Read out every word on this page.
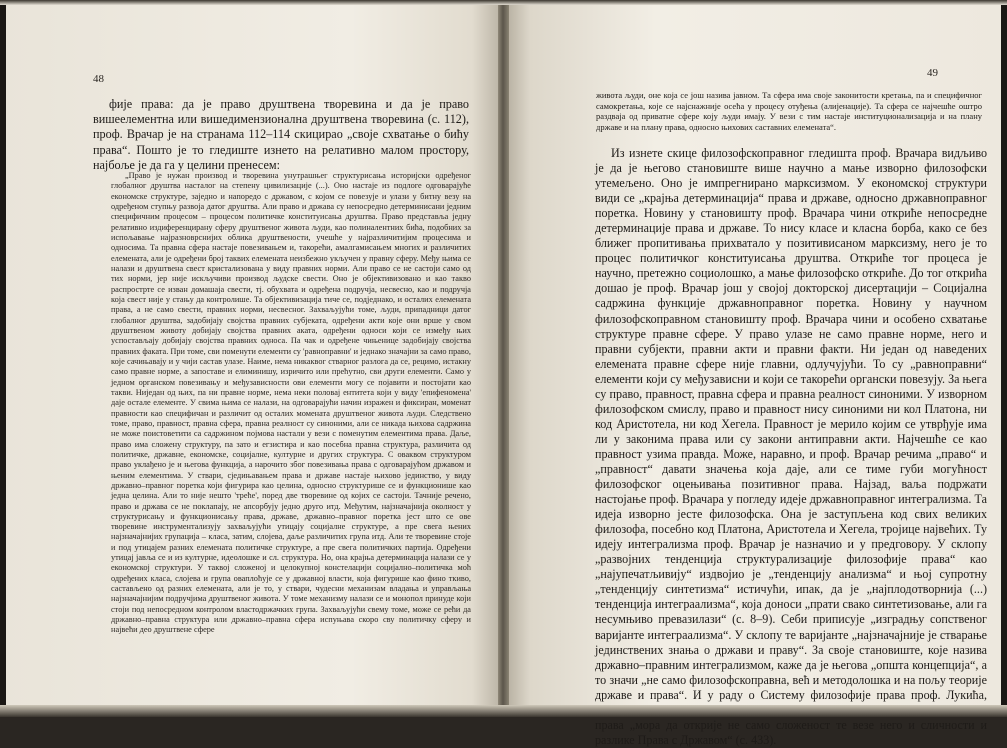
48

фије права: да је право друштвена творевина и да је право вишеелементна или вишедимензионална друштвена творевина (с. 112), проф. Врачар је на странама 112–114 скицирао „своје схватање о бићу права“. Пошто је то гледиште изнето на релативно малом простору, најбоље је да га у целини пренесем:

„Право је нужан производ и творевина унутрашњег структурисања историјски одређеног глобалног друштва насталог на степену цивилизације (...). Оно настаје из подлоге одговарајуће економске структуре, заједно и напоредо с државом, с којом се повезује и улази у битну везу на одређеном ступњу развоја датог друштва. Али право и држава су непосредно детерминисани једним специфичним процесом – процесом политичке конституисања друштва. Право представља једну релативно издиференцирану сферу друштвеног живота људи, као полиналентних бића, подобних за испољавање најразноврснијих облика друштвености, учешће у најразличитијим процесима и односима. Та правна сфера настаје повезивањем и, такорећи, амалгамисањем многих и различитих елемената, али је одређени број таквих елемената неизбежно укључен у правну сферу. Међу њима се налази и друштвена свест кристализована у виду правних норми. Али право се не састоји само од тих норми, јер није искључиви производ људске свести. Оно је објективизовано и као такво распрострте се изван домашаја свести, тј. обухвата и одређена подручја, несвесно, као и подручја која свест није у стању да контролише. Та објективизација тиче се, подједнако, и осталих елемената права, а не само свести, правних норми, несвесног. Захваљујући томе, људи, припадници датог глобалног друштва, задобијају својства правних субјеката, одређени акти које они врше у свом друштвеном животу добијају својства правних аката, одређени односи који се између њих успостављају добијају својства правних односа. Па чак и одређене чињенице задобијају својства правних факата. При томе, сви поменути елементи су 'равноправни' и једнако значајни за само право, које сачињавају и у чији састав улазе. Наиме, нема никаквог стварног разлога да се, рецимо, истакну само правне норме, а запоставе и елиминишу, изричито или прећутно, сви други елементи. Само у једном органском повезивању и међузависности ови елементи могу се појавити и постојати као такви. Ниједан од њих, па ни правне норме, нема неки половај ентитета који у виду 'епифеномена' даје остале елементе. У свима њима се налази, на одговарајући начин изражен и фиксиран, моменат правности као специфичан и различит од осталих момената друштвеног живота људи. Следствено томе, право, правност, правна сфера, правна реалност су синоними, али се никада њихова садржина не може поистоветити са садржином појмова настали у вези с поменутим елементима права. Даље, право има сложену структуру, па зато и егзистира и као посебна правна структура, различита од политичке, државне, економске, социјалне, културне и других структура. С оваквом структуром право уклађено је и његова функција, а нарочито због повезивања права с одговарајућом државом и њеним елементима. У ствари, сједињавањем права и државе настаје њихово јединство, у виду државно–правног поретка који фигурира као целина, односно структурише се и функционише као једна целина. Али то није нешто 'треће', поред две творевине од којих се састоји. Тачније речено, право и држава се не поклапају, не апсорбују једно друго итд. Међутим, најзначајнија околност у структурисању и функционисању права, државе, државно–правног поретка јест што се ове творевине инструментализују захваљујући утицају социјалне структуре, а пре свега њених најзначајнијих групација – класа, затим, слојева, даље различитих група итд. Али те творевине стоје и под утицајем разних елемената политичке структуре, а пре свега политичких партија. Одређени утицај јавља се и из културне, идеолошке и сл. структура. Но, она крајња детерминација налази се у економској структури. У таквој сложеној и целокупној констелацији социјално–политичка моћ одређених класа, слојева и група оваплоћује се у државној власти, која фигурише као фино ткиво, састављено од разних елемената, али је то, у ствари, чудесни механизам владања и управљања најзначајнијим подручјима друштвеног живота. У томе механизму налази се и монопол принуде који стоји под непосредном контролом властодржачких група. Захваљујући свему томе, може се рећи да државно–правна структура или државно–правна сфера испуњава скоро сву политичку сферу и највећи део друштвене сфере

49

живота људи, оне која се још назива јавном. Та сфера има своје законитости кретања, па и специфичног самокретања, које се најснажније осећа у процесу отуђења (алијенације). Та сфера се најчешће оштро раздваја од приватне сфере коју људи имају. У вези с тим настаје институционализација и на плану државе и на плану права, односно њихових саставних елемената“.

Из изнете скице филозофскоправног гледишта проф. Врачара видљиво је да је његово становиште више научно а мање изворно филозофски утемељено. Оно је импрегнирано марксизмом. У економској структури види се „крајња детерминација“ права и државе, односно државноправног поретка. Новину у становишту проф. Врачара чини откриће непосредне детерминације права и државе. То нису класе и класна борба, како се без ближег пропитивања прихватало у позитивисаном марксизму, него је то процес политичког конституисања друштва. Откриће тог процеса је научно, претежно социолошко, а мање филозофско откриће. До тог открића дошао је проф. Врачар још у својој докторској дисертацији – Социјална садржина функције државноправног поретка. Новину у научном филозофскоправном становишту проф. Врачара чини и особено схватање структуре правне сфере. У право улазе не само правне норме, него и правни субјекти, правни акти и правни факти. Ни један од наведених елемената правне сфере није главни, одлучујући. То су „равноправни“ елементи који су међузависни и који се такорећи органски повезују. За њега су право, правност, правна сфера и правна реалност синоними. У изворном филозофском смислу, право и правност нису синоними ни кол Платона, ни код Аристотела, ни код Хегела. Правност је мерило којим се утврђује има ли у законима права или су закони антиправни акти. Најчешће се као правност узима правда. Може, наравно, и проф. Врачар речима „право“ и „правност“ давати значења која даје, али се тиме губи могућност филозофског оцењивања позитивног права. Најзад, ваља подржати настојање проф. Врачара у погледу идеје државноправног интегрализма. Та идеја изворно јесте филозофска. Она је заступљена код свих великих филозофа, посебно код Платона, Аристотела и Хегела, тројице највећих. Ту идеју интегрализма проф. Врачар је назначио и у предговору. У склопу „развојних тенденција структурализације филозофије права“ као „најупечатљивију“ издвојио је „тенденцију анализма“ и њој супротну „тенденцију синтетизма“ истичући, ипак, да је „најплодотворнија (...) тенденција интеграализма“, која доноси „прати свако синтетизовање, али га несумњиво превазилази“ (с. 8–9). Себи приписује „изградњу сопственог варијанте интеграализма“. У склопу те варијанте „најзначајније је стварање јединствених знања о држави и праву“. За своје становиште, које назива државно–правним интегрализмом, каже да је његова „општа концепција“, а то значи „не само филозофскоправна, већ и методолошка и на пољу теорије државе и права“. И у раду о Систему филозофије права проф. Лукића, права „мора да открије не само сложеност те везе него и сличности и разлике Права с Државом“ (с. 433).
